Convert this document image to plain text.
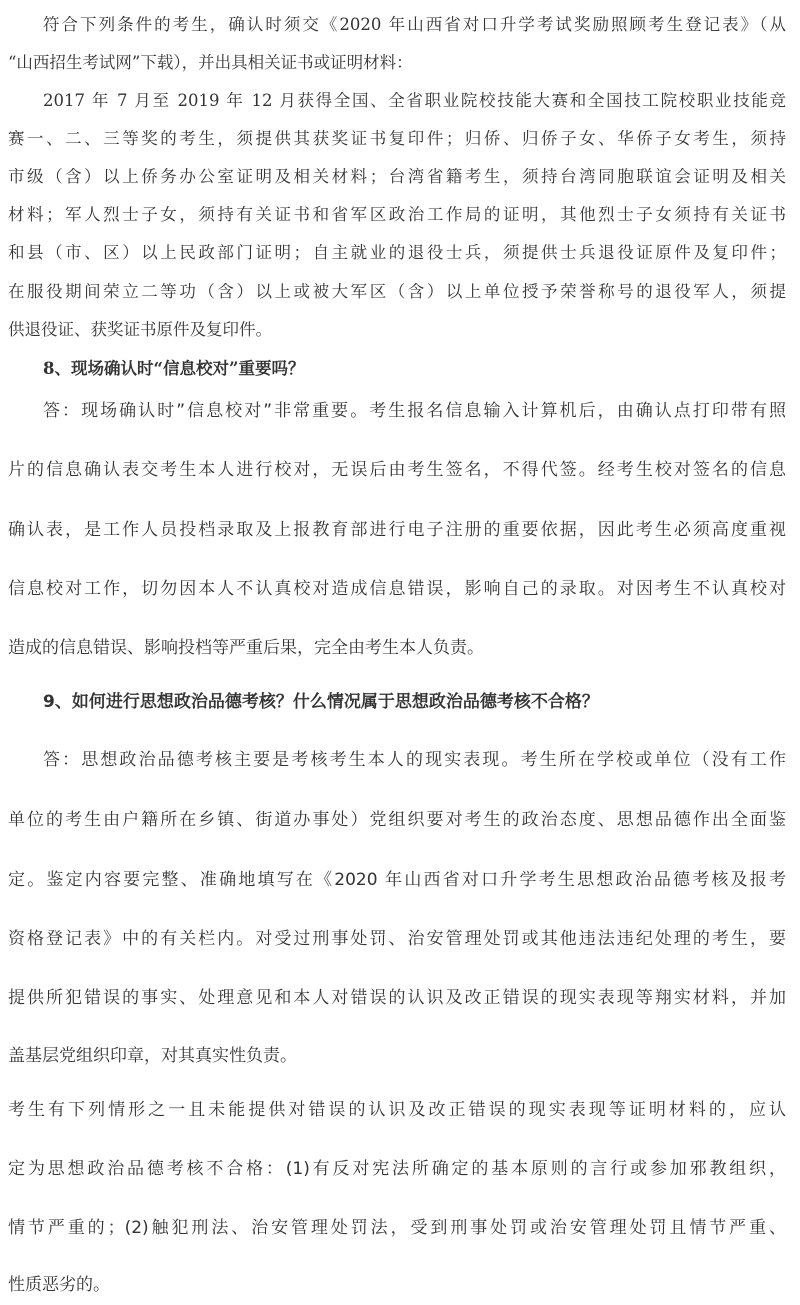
符合下列条件的考生，确认时须交《2020 年山西省对口升学考试奖励照顾考生登记表》（从
“山西招生考试网”下载），并出具相关证书或证明材料：
2017 年 7 月至 2019 年 12 月获得全国、全省职业院校技能大赛和全国技工院校职业技能竞
赛一、二、三等奖的考生，须提供其获奖证书复印件；归侨、归侨子女、华侨子女考生，须持
市级（含）以上侨务办公室证明及相关材料；台湾省籍考生，须持台湾同胞联谊会证明及相关
材料；军人烈士子女，须持有关证书和省军区政治工作局的证明，其他烈士子女须持有关证书
和县（市、区）以上民政部门证明；自主就业的退役士兵，须提供士兵退役证原件及复印件；
在服役期间荣立二等功（含）以上或被大军区（含）以上单位授予荣誉称号的退役军人，须提
供退役证、获奖证书原件及复印件。
8、现场确认时“信息校对”重要吗？
答：现场确认时”信息校对”非常重要。考生报名信息输入计算机后，由确认点打印带有照
片的信息确认表交考生本人进行校对，无误后由考生签名，不得代签。经考生校对签名的信息
确认表，是工作人员投档录取及上报教育部进行电子注册的重要依据，因此考生必须高度重视
信息校对工作，切勿因本人不认真校对造成信息错误，影响自己的录取。对因考生不认真校对
造成的信息错误、影响投档等严重后果，完全由考生本人负责。
9、如何进行思想政治品德考核？什么情况属于思想政治品德考核不合格？
答：思想政治品德考核主要是考核考生本人的现实表现。考生所在学校或单位（没有工作
单位的考生由户籍所在乡镇、街道办事处）党组织要对考生的政治态度、思想品德作出全面鉴
定。鉴定内容要完整、准确地填写在《2020 年山西省对口升学考生思想政治品德考核及报考
资格登记表》中的有关栏内。对受过刑事处罚、治安管理处罚或其他违法违纪处理的考生，要
提供所犯错误的事实、处理意见和本人对错误的认识及改正错误的现实表现等翔实材料，并加
盖基层党组织印章，对其真实性负责。
考生有下列情形之一且未能提供对错误的认识及改正错误的现实表现等证明材料的，应认
定为思想政治品德考核不合格：(1)有反对宪法所确定的基本原则的言行或参加邪教组织，
情节严重的；(2)触犯刑法、治安管理处罚法，受到刑事处罚或治安管理处罚且情节严重、
性质恶劣的。
